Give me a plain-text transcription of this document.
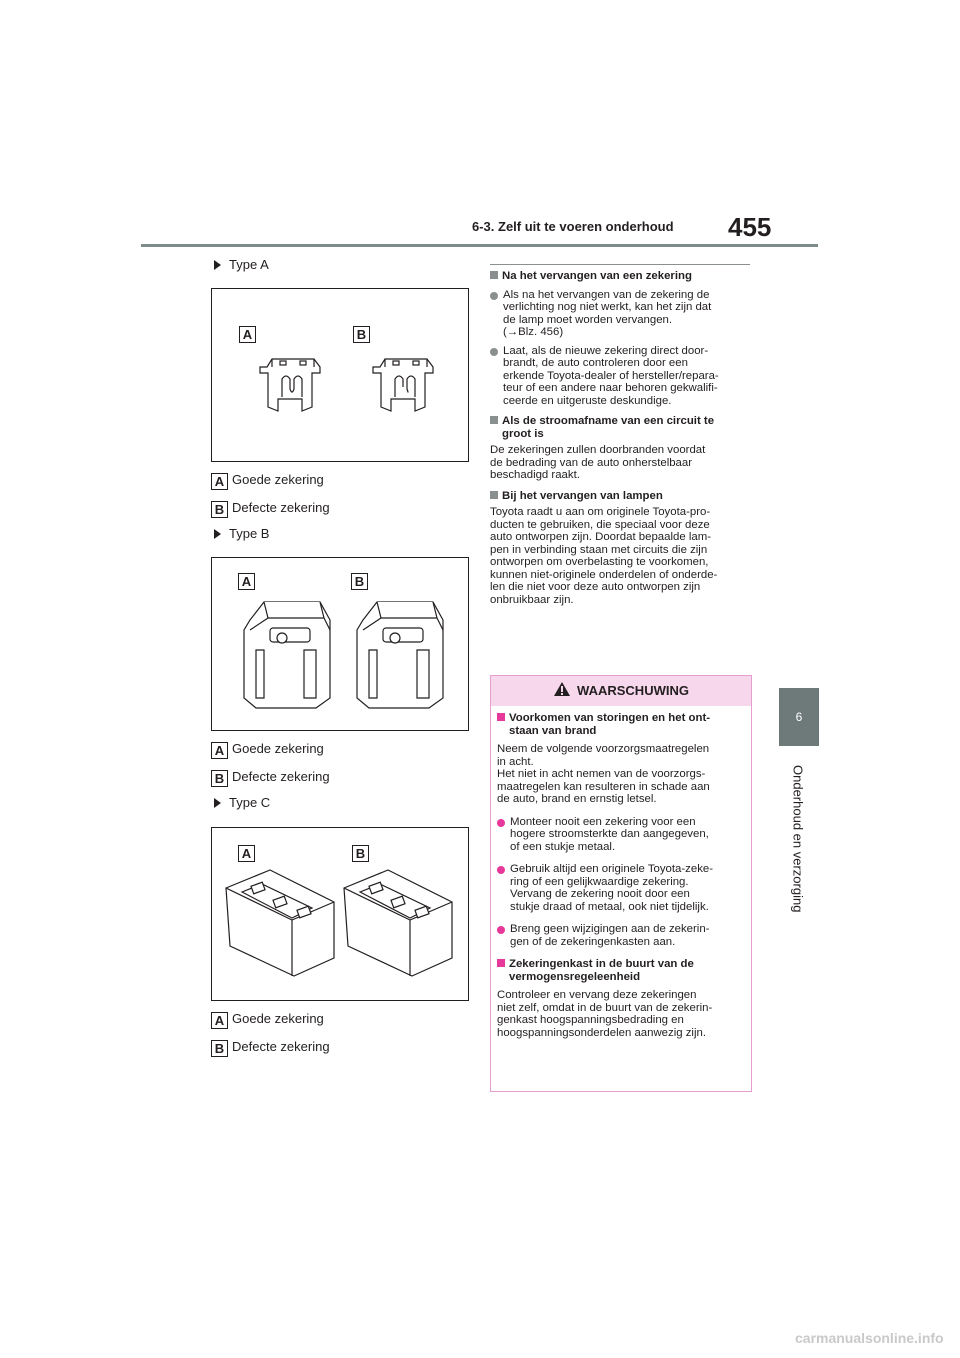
6-3. Zelf uit te voeren onderhoud 455
6
Onderhoud en verzorging
Type A
A	B
A Goede zekering
B Defecte zekering
Type B
A	B
A Goede zekering
B Defecte zekering
Type C
A	B
A Goede zekering
B Defecte zekering
Na het vervangen van een zekering
Als na het vervangen van de zekering de
verlichting nog niet werkt, kan het zijn dat
de lamp moet worden vervangen.
(→Blz. 456)
Laat, als de nieuwe zekering direct door-
brandt, de auto controleren door een
erkende Toyota-dealer of hersteller/repara-
teur of een andere naar behoren gekwalifi-
ceerde en uitgeruste deskundige.
Als de stroomafname van een circuit te
groot is
De zekeringen zullen doorbranden voordat
de bedrading van de auto onherstelbaar
beschadigd raakt.
Bij het vervangen van lampen
Toyota raadt u aan om originele Toyota-pro-
ducten te gebruiken, die speciaal voor deze
auto ontworpen zijn. Doordat bepaalde lam-
pen in verbinding staan met circuits die zijn
ontworpen om overbelasting te voorkomen,
kunnen niet-originele onderdelen of onderde-
len die niet voor deze auto ontworpen zijn
onbruikbaar zijn.
WAARSCHUWING
Voorkomen van storingen en het ont-
staan van brand
Neem de volgende voorzorgsmaatregelen
in acht.
Het niet in acht nemen van de voorzorgs-
maatregelen kan resulteren in schade aan
de auto, brand en ernstig letsel.
Monteer nooit een zekering voor een
hogere stroomsterkte dan aangegeven,
of een stukje metaal.
Gebruik altijd een originele Toyota-zeke-
ring of een gelijkwaardige zekering.
Vervang de zekering nooit door een
stukje draad of metaal, ook niet tijdelijk.
Breng geen wijzigingen aan de zekerin-
gen of de zekeringenkasten aan.
Zekeringenkast in de buurt van de
vermogensregeleenheid
Controleer en vervang deze zekeringen
niet zelf, omdat in de buurt van de zekerin-
genkast hoogspanningsbedrading en
hoogspanningsonderdelen aanwezig zijn.
carmanualsonline.info
